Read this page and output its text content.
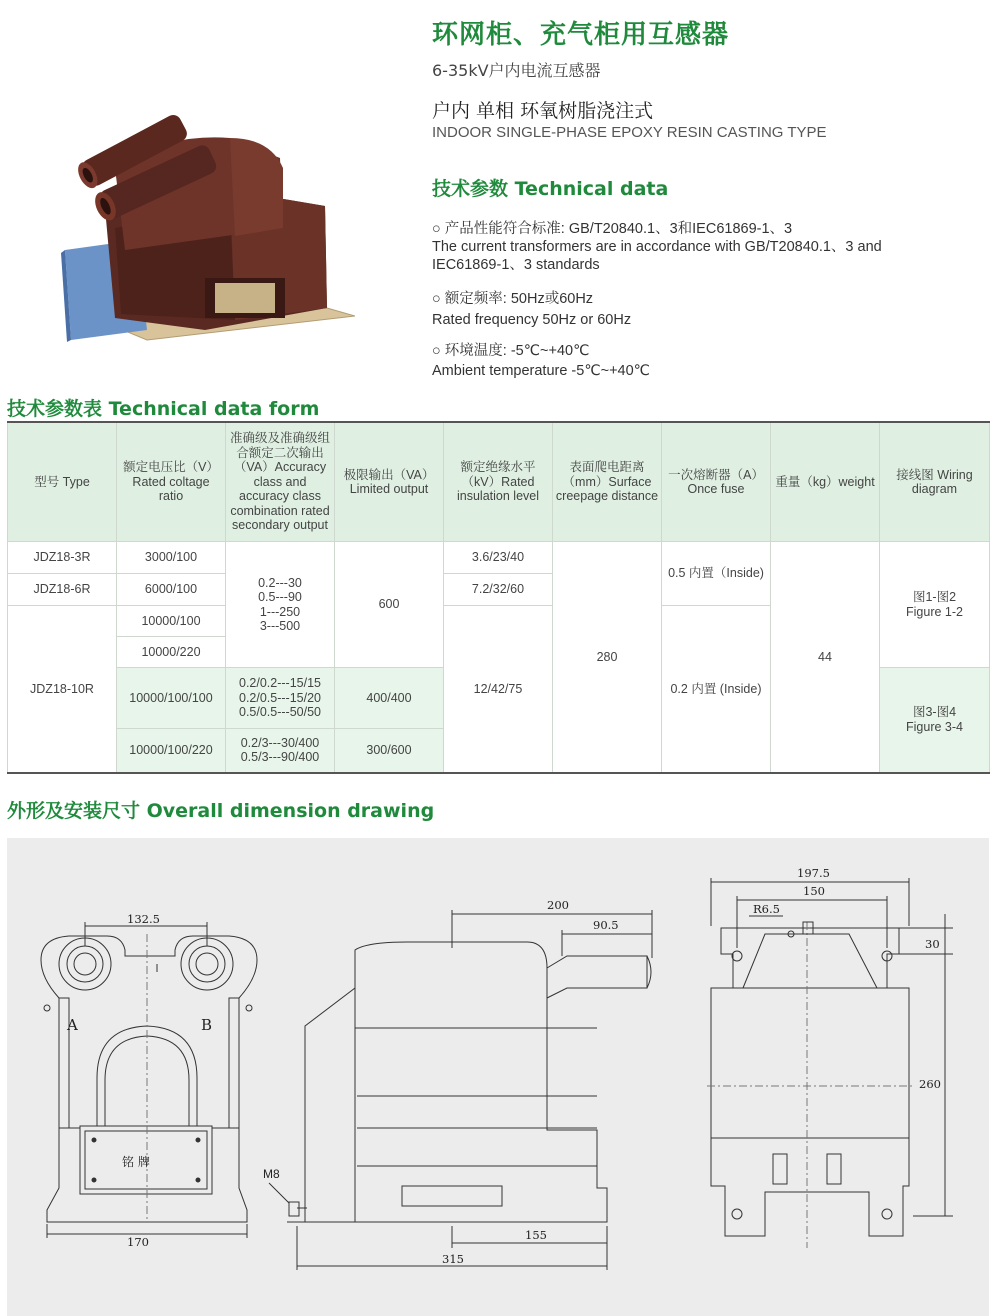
环网柜、充气柜用互感器
6-35kV户内电流互感器
户内 单相 环氧树脂浇注式
INDOOR SINGLE-PHASE EPOXY RESIN CASTING TYPE
技术参数 Technical data
○ 产品性能符合标准: GB/T20840.1、3和IEC61869-1、3
The current transformers are in accordance with GB/T20840.1、3 and IEC61869-1、3 standards
○ 额定频率: 50Hz或60Hz
Rated frequency 50Hz or 60Hz
○ 环境温度: -5℃~+40℃
Ambient temperature -5℃~+40℃
技术参数表 Technical data form
型号 Type	额定电压比（V）Rated coltage ratio	准确级及准确级组合额定二次输出（VA）Accuracy class and accuracy class combination rated secondary output	极限输出（VA）Limited output	额定绝缘水平（kV）Rated insulation level	表面爬电距离（mm）Surface creepage distance	一次熔断器（A）Once fuse	重量（kg）weight	接线图 Wiring diagram
JDZ18-3R	3000/100	0.2---30
0.5---90
1---250
3---500	600	3.6/23/40	280	0.5 内置（Inside)	44	图1-图2
Figure 1-2
JDZ18-6R	6000/100			7.2/32/60				
JDZ18-10R	10000/100			12/42/75		0.2 内置 (Inside)		
	10000/220							
	10000/100/100	0.2/0.2---15/15
0.2/0.5---15/20
0.5/0.5---50/50	400/400					图3-图4
Figure 3-4
	10000/100/220	0.2/3---30/400
0.5/3---90/400	300/600					
外形及安装尺寸 Overall dimension drawing
132.5
170
A	B
铭 牌
200
90.5
155
315
M8
197.5
150
R6.5
30
260
